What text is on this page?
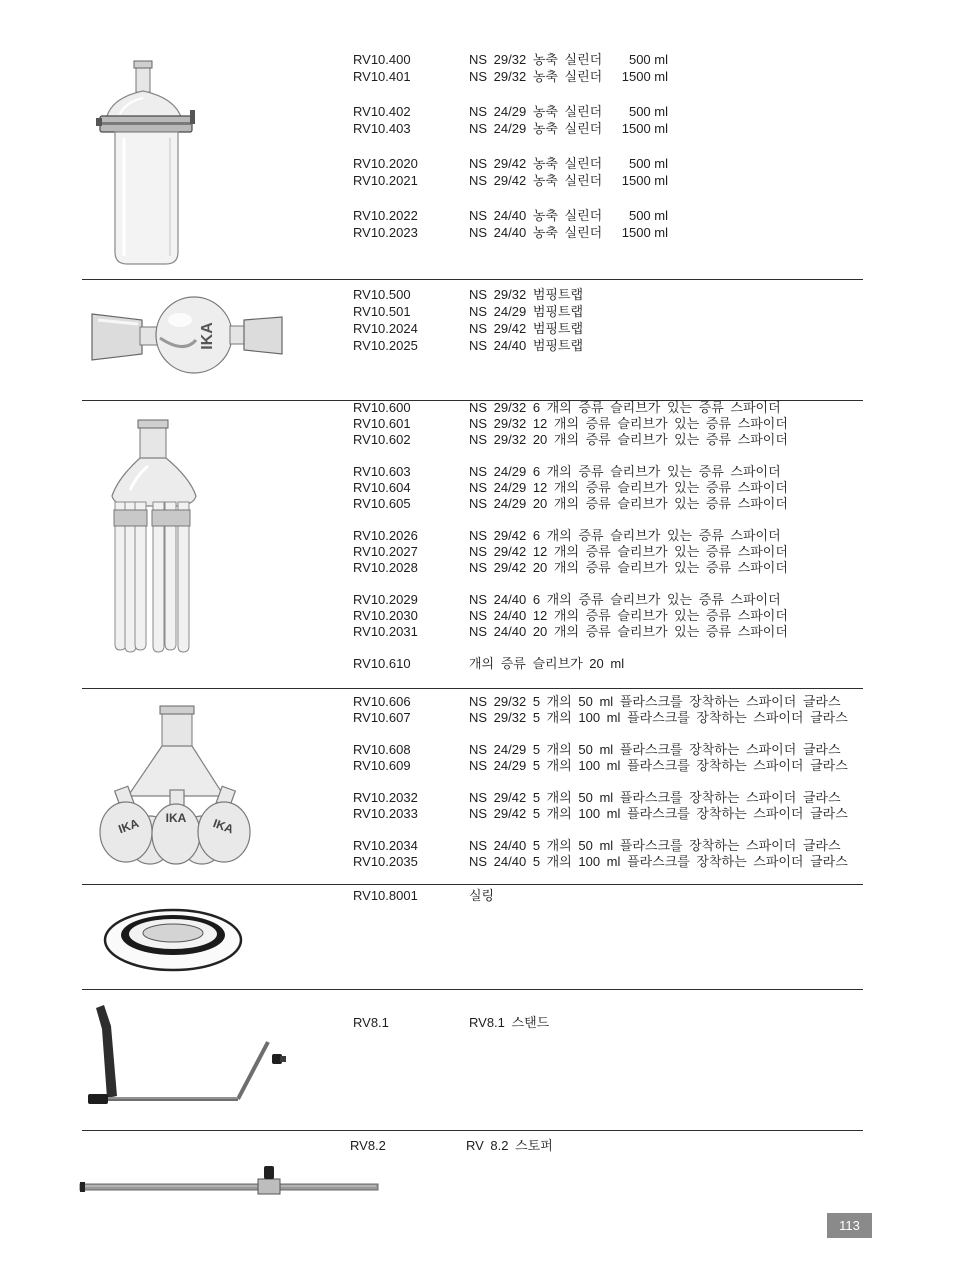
RV10.400	NS 29/32 농축 실린더	500 ml
RV10.401	NS 29/32 농축 실린더	1500 ml
RV10.402	NS 24/29 농축 실린더	500 ml
RV10.403	NS 24/29 농축 실린더	1500 ml
RV10.2020	NS 29/42 농축 실린더	500 ml
RV10.2021	NS 29/42 농축 실린더	1500 ml
RV10.2022	NS 24/40 농축 실린더	500 ml
RV10.2023	NS 24/40 농축 실린더	1500 ml
RV10.500	NS 29/32 범핑트랩
RV10.501	NS 24/29 범핑트랩
RV10.2024	NS 29/42 범핑트랩
RV10.2025	NS 24/40 범핑트랩
RV10.600	NS 29/32 6 개의 증류 슬리브가 있는 증류 스파이더
RV10.601	NS 29/32 12 개의 증류 슬리브가 있는 증류 스파이더
RV10.602	NS 29/32 20 개의 증류 슬리브가 있는 증류 스파이더
RV10.603	NS 24/29 6 개의 증류 슬리브가 있는 증류 스파이더
RV10.604	NS 24/29 12 개의 증류 슬리브가 있는 증류 스파이더
RV10.605	NS 24/29 20 개의 증류 슬리브가 있는 증류 스파이더
RV10.2026	NS 29/42 6 개의 증류 슬리브가 있는 증류 스파이더
RV10.2027	NS 29/42 12 개의 증류 슬리브가 있는 증류 스파이더
RV10.2028	NS 29/42 20 개의 증류 슬리브가 있는 증류 스파이더
RV10.2029	NS 24/40 6 개의 증류 슬리브가 있는 증류 스파이더
RV10.2030	NS 24/40 12 개의 증류 슬리브가 있는 증류 스파이더
RV10.2031	NS 24/40 20 개의 증류 슬리브가 있는 증류 스파이더
RV10.610	개의 증류 슬리브가 20 ml
RV10.606	NS 29/32 5 개의 50 ml 플라스크를 장착하는 스파이더 글라스
RV10.607	NS 29/32 5 개의 100 ml 플라스크를 장착하는 스파이더 글라스
RV10.608	NS 24/29 5 개의 50 ml 플라스크를 장착하는 스파이더 글라스
RV10.609	NS 24/29 5 개의 100 ml 플라스크를 장착하는 스파이더 글라스
RV10.2032	NS 29/42 5 개의 50 ml 플라스크를 장착하는 스파이더 글라스
RV10.2033	NS 29/42 5 개의 100 ml 플라스크를 장착하는 스파이더 글라스
RV10.2034	NS 24/40 5 개의 50 ml 플라스크를 장착하는 스파이더 글라스
RV10.2035	NS 24/40 5 개의 100 ml 플라스크를 장착하는 스파이더 글라스
RV10.8001	실링
RV8.1	RV8.1 스탠드
RV8.2	RV 8.2 스토퍼
IKA
IKA IKA IKA
113
